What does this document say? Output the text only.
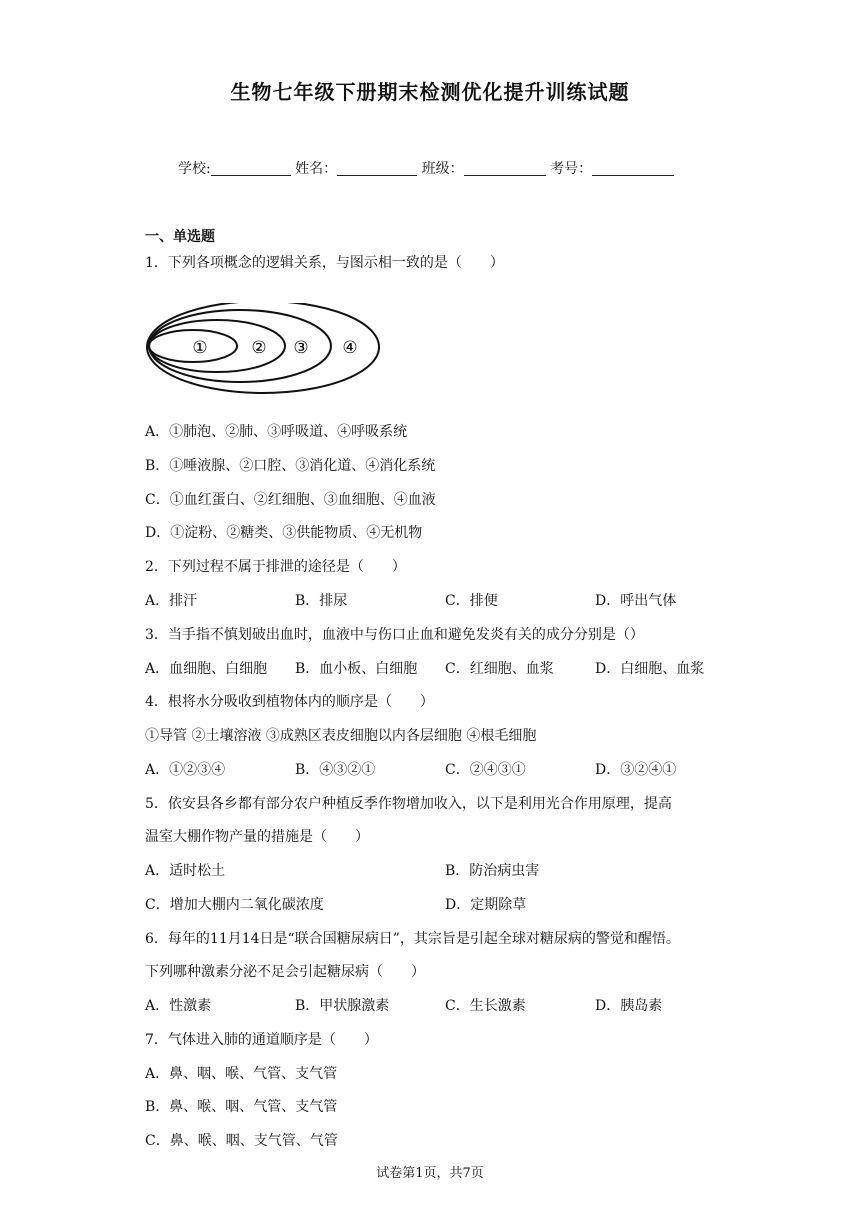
生物七年级下册期末检测优化提升训练试题
学校:	姓名：	班级：	考号：
一、单选题
1．下列各项概念的逻辑关系，与图示相一致的是（　　）
①	② ③ ④
A．①肺泡、②肺、③呼吸道、④呼吸系统
B．①唾液腺、②口腔、③消化道、④消化系统
C．①血红蛋白、②红细胞、③血细胞、④血液
D．①淀粉、②糖类、③供能物质、④无机物
2．下列过程不属于排泄的途径是（　　）
A．排汗	B．排尿	C．排便	D．呼出气体
3．当手指不慎划破出血时，血液中与伤口止血和避免发炎有关的成分分别是（）
A．血细胞、白细胞 B．血小板、白细胞 C．红细胞、血浆	D．白细胞、血浆
4．根将水分吸收到植物体内的顺序是（　　）
①导管 ②土壤溶液 ③成熟区表皮细胞以内各层细胞 ④根毛细胞
A．①②③④	B．④③②①	C．②④③①	D．③②④①
5．依安县各乡都有部分农户种植反季作物增加收入，以下是利用光合作用原理，提高
温室大棚作物产量的措施是（　　）
A．适时松土	B．防治病虫害
C．增加大棚内二氧化碳浓度	D．定期除草
6．每年的11月14日是“联合国糖尿病日”，其宗旨是引起全球对糖尿病的警觉和醒悟。
下列哪种激素分泌不足会引起糖尿病（　　）
A．性激素	B．甲状腺激素	C．生长激素	D．胰岛素
7．气体进入肺的通道顺序是（　　）
A．鼻、咽、喉、气管、支气管
B．鼻、喉、咽、气管、支气管
C．鼻、喉、咽、支气管、气管
试卷第1页，共7页
